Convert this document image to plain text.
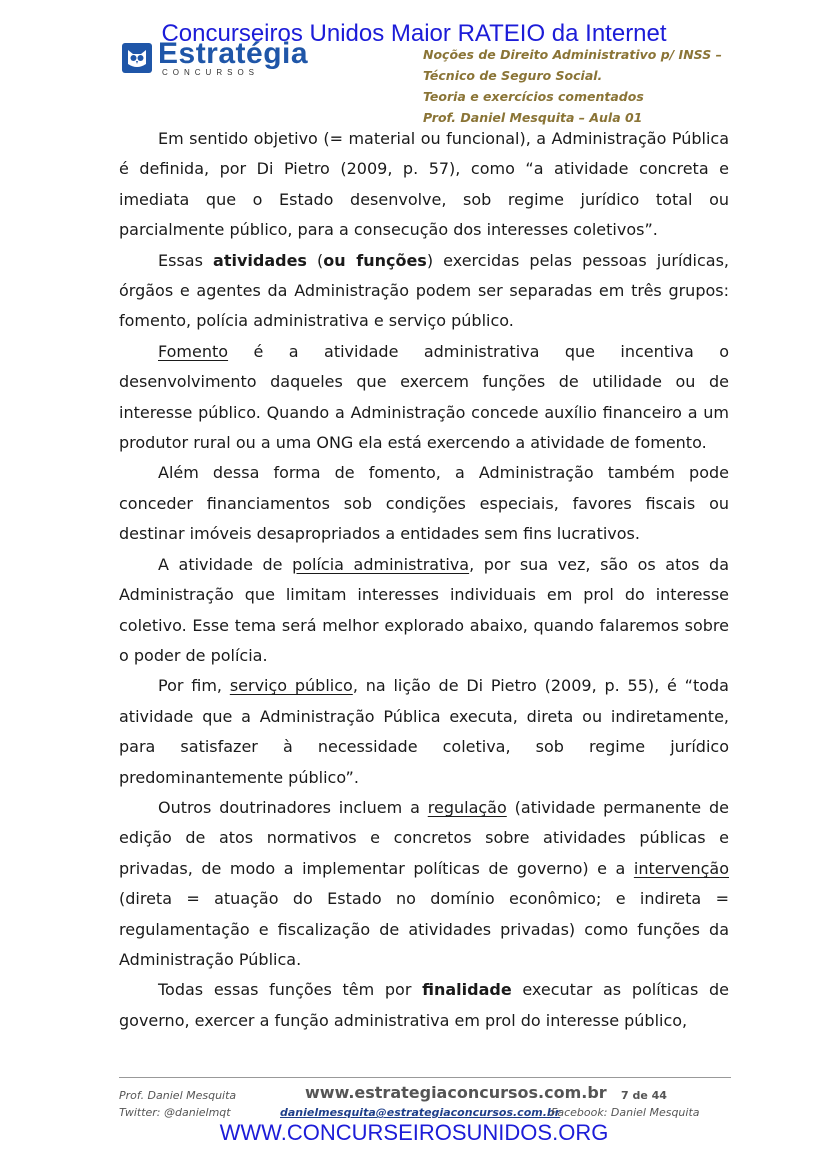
Concurseiros Unidos Maior RATEIO da Internet
Estratégia
CONCURSOS
Noções de Direito Administrativo p/ INSS –
Técnico de Seguro Social.
Teoria e exercícios comentados
Prof. Daniel Mesquita – Aula 01

Em sentido objetivo (= material ou funcional), a Administração Pública é definida, por Di Pietro (2009, p. 57), como “a atividade concreta e imediata que o Estado desenvolve, sob regime jurídico total ou parcialmente público, para a consecução dos interesses coletivos”.

Essas atividades (ou funções) exercidas pelas pessoas jurídicas, órgãos e agentes da Administração podem ser separadas em três grupos: fomento, polícia administrativa e serviço público.

Fomento é a atividade administrativa que incentiva o desenvolvimento daqueles que exercem funções de utilidade ou de interesse público. Quando a Administração concede auxílio financeiro a um produtor rural ou a uma ONG ela está exercendo a atividade de fomento.

Além dessa forma de fomento, a Administração também pode conceder financiamentos sob condições especiais, favores fiscais ou destinar imóveis desapropriados a entidades sem fins lucrativos.

A atividade de polícia administrativa, por sua vez, são os atos da Administração que limitam interesses individuais em prol do interesse coletivo. Esse tema será melhor explorado abaixo, quando falaremos sobre o poder de polícia.

Por fim, serviço público, na lição de Di Pietro (2009, p. 55), é “toda atividade que a Administração Pública executa, direta ou indiretamente, para satisfazer à necessidade coletiva, sob regime jurídico predominantemente público”.

Outros doutrinadores incluem a regulação (atividade permanente de edição de atos normativos e concretos sobre atividades públicas e privadas, de modo a implementar políticas de governo) e a intervenção (direta = atuação do Estado no domínio econômico; e indireta = regulamentação e fiscalização de atividades privadas) como funções da Administração Pública.

Todas essas funções têm por finalidade executar as políticas de governo, exercer a função administrativa em prol do interesse público,

Prof. Daniel Mesquita
Twitter: @danielmqt
www.estrategiaconcursos.com.br 7 de 44
danielmesquita@estrategiaconcursos.com.br
Facebook: Daniel Mesquita
WWW.CONCURSEIROSUNIDOS.ORG
